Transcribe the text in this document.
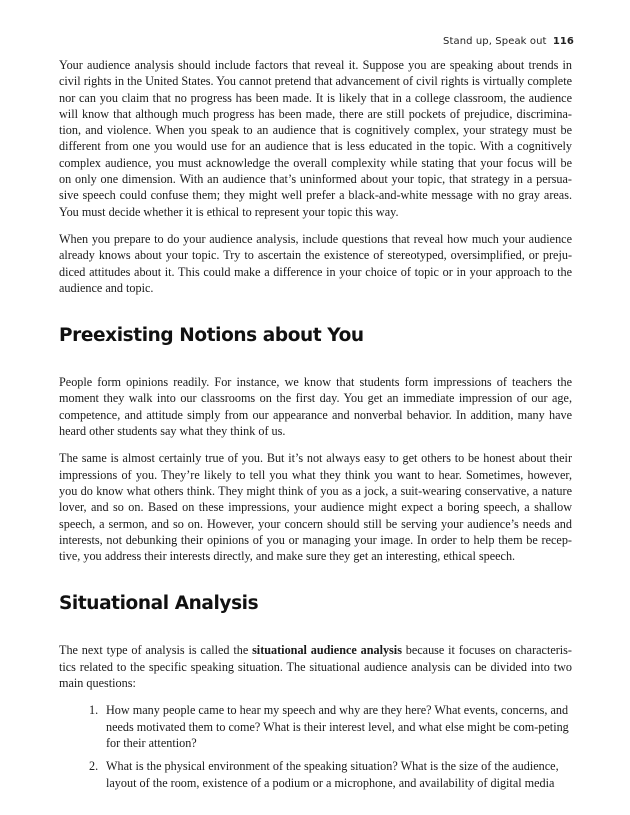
Stand up, Speak out 116

Your audience analysis should include factors that reveal it. Suppose you are speaking about trends in civil rights in the United States. You cannot pretend that advancement of civil rights is virtually complete nor can you claim that no progress has been made. It is likely that in a college classroom, the audience will know that although much progress has been made, there are still pockets of prejudice, discrimina-tion, and violence. When you speak to an audience that is cognitively complex, your strategy must be different from one you would use for an audience that is less educated in the topic. With a cognitively complex audience, you must acknowledge the overall complexity while stating that your focus will be on only one dimension. With an audience that’s uninformed about your topic, that strategy in a persua-sive speech could confuse them; they might well prefer a black-and-white message with no gray areas. You must decide whether it is ethical to represent your topic this way.

When you prepare to do your audience analysis, include questions that reveal how much your audience already knows about your topic. Try to ascertain the existence of stereotyped, oversimplified, or preju-diced attitudes about it. This could make a difference in your choice of topic or in your approach to the audience and topic.

Preexisting Notions about You

People form opinions readily. For instance, we know that students form impressions of teachers the moment they walk into our classrooms on the first day. You get an immediate impression of our age, competence, and attitude simply from our appearance and nonverbal behavior. In addition, many have heard other students say what they think of us.

The same is almost certainly true of you. But it’s not always easy to get others to be honest about their impressions of you. They’re likely to tell you what they think you want to hear. Sometimes, however, you do know what others think. They might think of you as a jock, a suit-wearing conservative, a nature lover, and so on. Based on these impressions, your audience might expect a boring speech, a shallow speech, a sermon, and so on. However, your concern should still be serving your audience’s needs and interests, not debunking their opinions of you or managing your image. In order to help them be recep-tive, you address their interests directly, and make sure they get an interesting, ethical speech.

Situational Analysis

The next type of analysis is called the situational audience analysis because it focuses on characteris-tics related to the specific speaking situation. The situational audience analysis can be divided into two main questions:

1. How many people came to hear my speech and why are they here? What events, concerns, and needs motivated them to come? What is their interest level, and what else might be com-peting for their attention?
2. What is the physical environment of the speaking situation? What is the size of the audience, layout of the room, existence of a podium or a microphone, and availability of digital media
